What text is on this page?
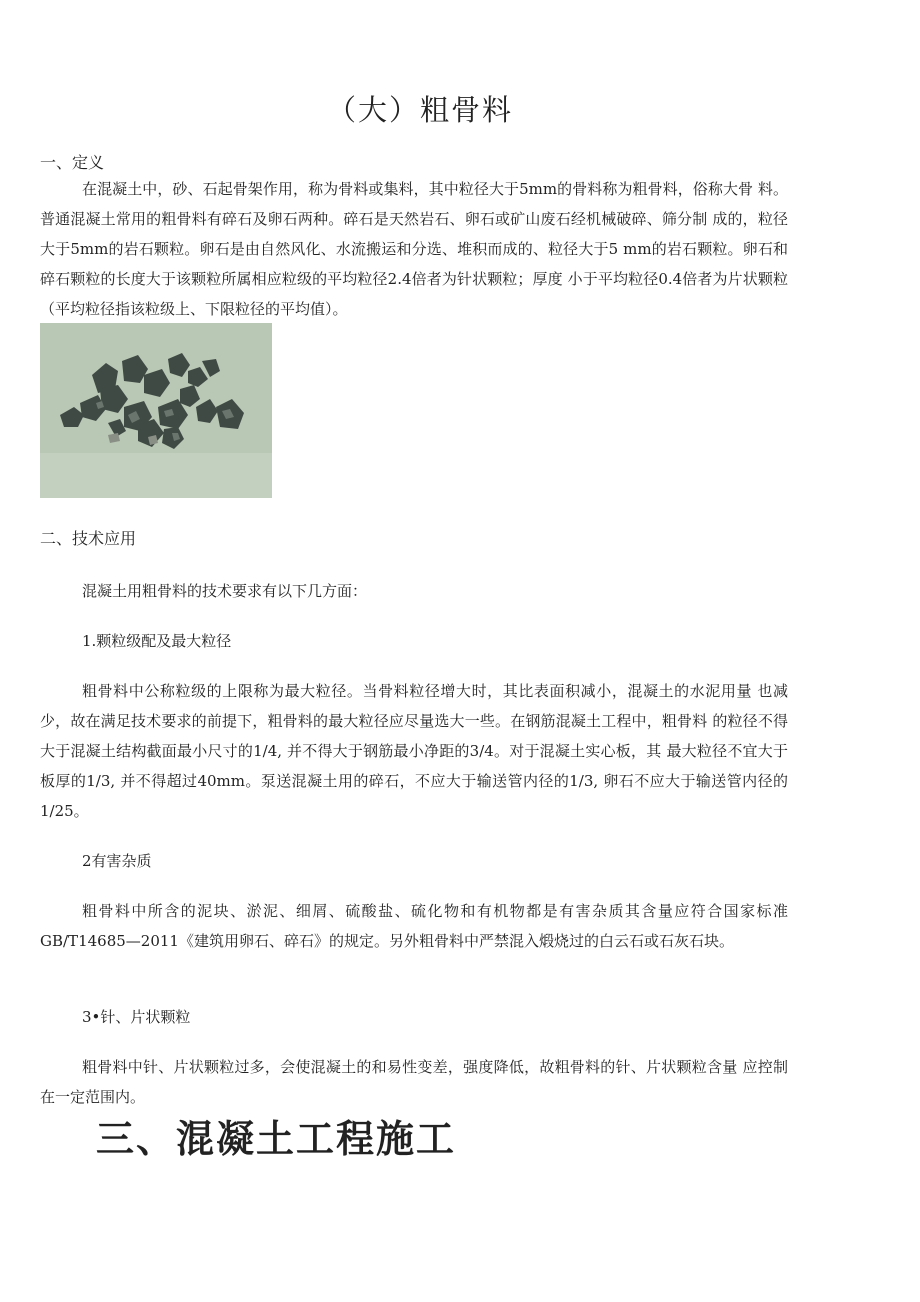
（大）粗骨料
一、定义
在混凝土中，砂、石起骨架作用，称为骨料或集料，其中粒径大于5mm的骨料称为粗骨料，俗称大骨 料。普通混凝土常用的粗骨料有碎石及卵石两种。碎石是天然岩石、卵石或矿山废石经机械破碎、筛分制 成的，粒径大于5mm的岩石颗粒。卵石是由自然风化、水流搬运和分选、堆积而成的、粒径大于5 mm的岩石颗粒。卵石和碎石颗粒的长度大于该颗粒所属相应粒级的平均粒径2.4倍者为针状颗粒；厚度 小于平均粒径0.4倍者为片状颗粒（平均粒径指该粒级上、下限粒径的平均值）。
二、技术应用
混凝土用粗骨料的技术要求有以下几方面：
1.颗粒级配及最大粒径
粗骨料中公称粒级的上限称为最大粒径。当骨料粒径增大时，其比表面积减小，混凝土的水泥用量 也减少，故在满足技术要求的前提下，粗骨料的最大粒径应尽量选大一些。在钢筋混凝土工程中，粗骨料 的粒径不得大于混凝土结构截面最小尺寸的1/4, 并不得大于钢筋最小净距的3/4。对于混凝土实心板，其 最大粒径不宜大于板厚的1/3, 并不得超过40mm。泵送混凝土用的碎石，不应大于输送管内径的1/3, 卵石不应大于输送管内径的1/25。
2有害杂质
粗骨料中所含的泥块、淤泥、细屑、硫酸盐、硫化物和有机物都是有害杂质其含量应符合国家标准 GB/T14685—2011《建筑用卵石、碎石》的规定。另外粗骨料中严禁混入煅烧过的白云石或石灰石块。
3•针、片状颗粒
粗骨料中针、片状颗粒过多，会使混凝土的和易性变差，强度降低，故粗骨料的针、片状颗粒含量 应控制在一定范围内。
三、混凝土工程施工
